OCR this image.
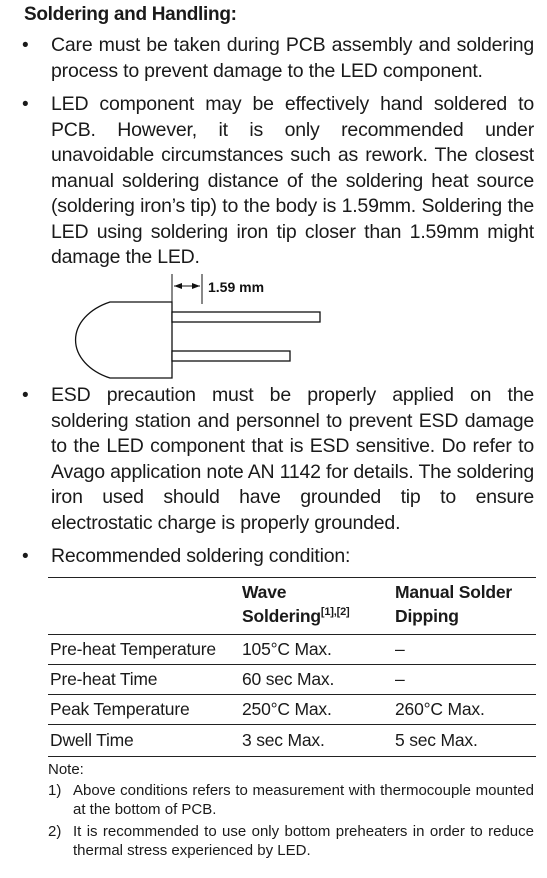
Soldering and Handling:
• Care must be taken during PCB assembly and soldering process to prevent damage to the LED component.

• LED component may be effectively hand soldered to PCB. However, it is only recommended under unavoidable circumstances such as rework. The closest manual soldering distance of the soldering heat source (soldering iron’s tip) to the body is 1.59mm. Soldering the LED using soldering iron tip closer than 1.59mm might damage the LED.

1.59 mm
• ESD precaution must be properly applied on the soldering station and personnel to prevent ESD damage to the LED component that is ESD sensitive. Do refer to Avago application note AN 1142 for details. The soldering iron used should have grounded tip to ensure electrostatic charge is properly grounded.

• Recommended soldering condition:

	Wave
Soldering[1],[2]	Manual Solder
Dipping
Pre-heat Temperature	105°C Max.	–
Pre-heat Time	60 sec Max.	–
Peak Temperature	250°C Max.	260°C Max.
Dwell Time	3 sec Max.	5 sec Max.

Note:

1) Above conditions refers to measurement with thermocouple mounted at the bottom of PCB.

2) It is recommended to use only bottom preheaters in order to reduce thermal stress experienced by LED.
